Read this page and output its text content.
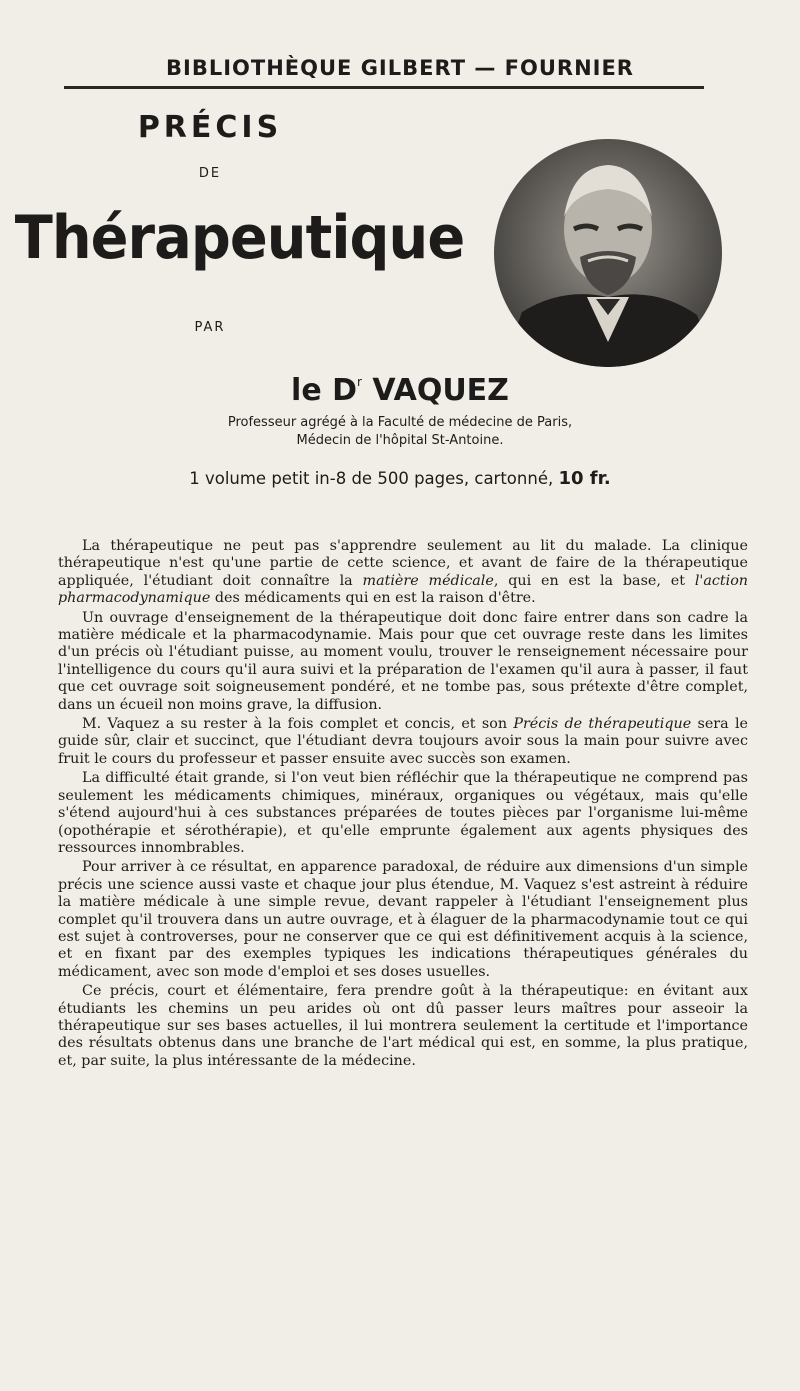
BIBLIOTHÈQUE GILBERT — FOURNIER
PRÉCIS
DE
Thérapeutique
PAR
le $D^r$ VAQUEZ
Professeur agrégé à la Faculté de médecine de Paris,
Médecin de l'hôpital St-Antoine.
1 volume petit in-8 de 500 pages, cartonné, 10 fr.

La thérapeutique ne peut pas s'apprendre seulement au lit du malade. La clinique thérapeutique n'est qu'une partie de cette science, et avant de faire de la thérapeutique appliquée, l'étudiant doit connaître la matière médicale, qui en est la base, et l'action pharmacodynamique des médicaments qui en est la raison d'être.

Un ouvrage d'enseignement de la thérapeutique doit donc faire entrer dans son cadre la matière médicale et la pharmacodynamie. Mais pour que cet ouvrage reste dans les limites d'un précis où l'étudiant puisse, au moment voulu, trouver le renseignement nécessaire pour l'intelligence du cours qu'il aura suivi et la préparation de l'examen qu'il aura à passer, il faut que cet ouvrage soit soigneusement pondéré, et ne tombe pas, sous prétexte d'être complet, dans un écueil non moins grave, la diffusion.

M. Vaquez a su rester à la fois complet et concis, et son Précis de thérapeutique sera le guide sûr, clair et succinct, que l'étudiant devra toujours avoir sous la main pour suivre avec fruit le cours du professeur et passer ensuite avec succès son examen.

La difficulté était grande, si l'on veut bien réfléchir que la thérapeutique ne comprend pas seulement les médicaments chimiques, minéraux, organiques ou végétaux, mais qu'elle s'étend aujourd'hui à ces substances préparées de toutes pièces par l'organisme lui-même (opothérapie et sérothérapie), et qu'elle emprunte également aux agents physiques des ressources innombrables.

Pour arriver à ce résultat, en apparence paradoxal, de réduire aux dimensions d'un simple précis une science aussi vaste et chaque jour plus étendue, M. Vaquez s'est astreint à réduire la matière médicale à une simple revue, devant rappeler à l'étudiant l'enseignement plus complet qu'il trouvera dans un autre ouvrage, et à élaguer de la pharmacodynamie tout ce qui est sujet à controverses, pour ne conserver que ce qui est définitivement acquis à la science, et en fixant par des exemples typiques les indications thérapeutiques générales du médicament, avec son mode d'emploi et ses doses usuelles.

Ce précis, court et élémentaire, fera prendre goût à la thérapeutique: en évitant aux étudiants les chemins un peu arides où ont dû passer leurs maîtres pour asseoir la thérapeutique sur ses bases actuelles, il lui montrera seulement la certitude et l'importance des résultats obtenus dans une branche de l'art médical qui est, en somme, la plus pratique, et, par suite, la plus intéressante de la médecine.
